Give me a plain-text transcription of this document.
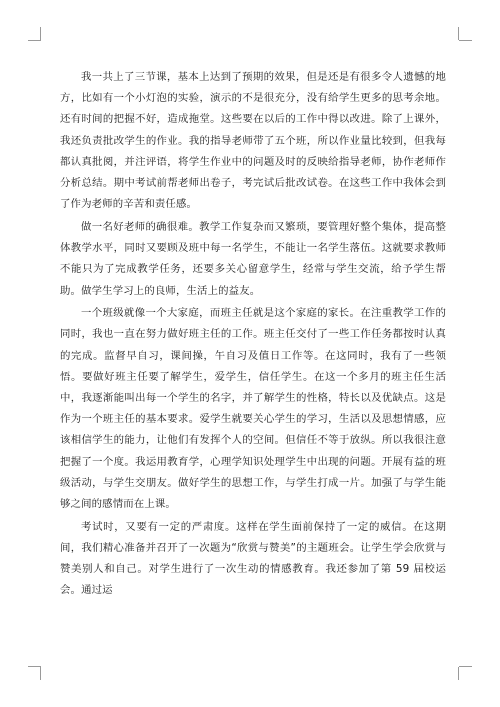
我一共上了三节课，基本上达到了预期的效果，但是还是有很多令人遗憾的地方，比如有一个小灯泡的实验，演示的不是很充分，没有给学生更多的思考余地。还有时间的把握不好，造成拖堂。这些要在以后的工作中得以改进。除了上课外，我还负责批改学生的作业。我的指导老师带了五个班，所以作业量比较到，但我每都认真批阅，并注评语，将学生作业中的问题及时的反映给指导老师，协作老师作分析总结。期中考试前帮老师出卷子，考完试后批改试卷。在这些工作中我体会到了作为老师的辛苦和责任感。

做一名好老师的确很难。教学工作复杂而又繁琐，要管理好整个集体，提高整体教学水平，同时又要顾及班中每一名学生，不能让一名学生落伍。这就要求教师不能只为了完成教学任务，还要多关心留意学生，经常与学生交流，给予学生帮助。做学生学习上的良师，生活上的益友。

一个班级就像一个大家庭，而班主任就是这个家庭的家长。在注重教学工作的同时，我也一直在努力做好班主任的工作。班主任交付了一些工作任务都按时认真的完成。监督早自习，课间操，午自习及值日工作等。在这同时，我有了一些领悟。要做好班主任要了解学生，爱学生，信任学生。在这一个多月的班主任生活中，我逐渐能叫出每一个学生的名字，并了解学生的性格，特长以及优缺点。这是作为一个班主任的基本要求。爱学生就要关心学生的学习，生活以及思想情感，应该相信学生的能力，让他们有发挥个人的空间。但信任不等于放纵。所以我很注意把握了一个度。我运用教育学，心理学知识处理学生中出现的问题。开展有益的班级活动，与学生交朋友。做好学生的思想工作，与学生打成一片。加强了与学生能够之间的感情而在上课。

考试时，又要有一定的严肃度。这样在学生面前保持了一定的威信。在这期间，我们精心准备并召开了一次题为“欣赏与赞美”的主题班会。让学生学会欣赏与赞美别人和自己。对学生进行了一次生动的情感教育。我还参加了第 59 届校运会。通过运
